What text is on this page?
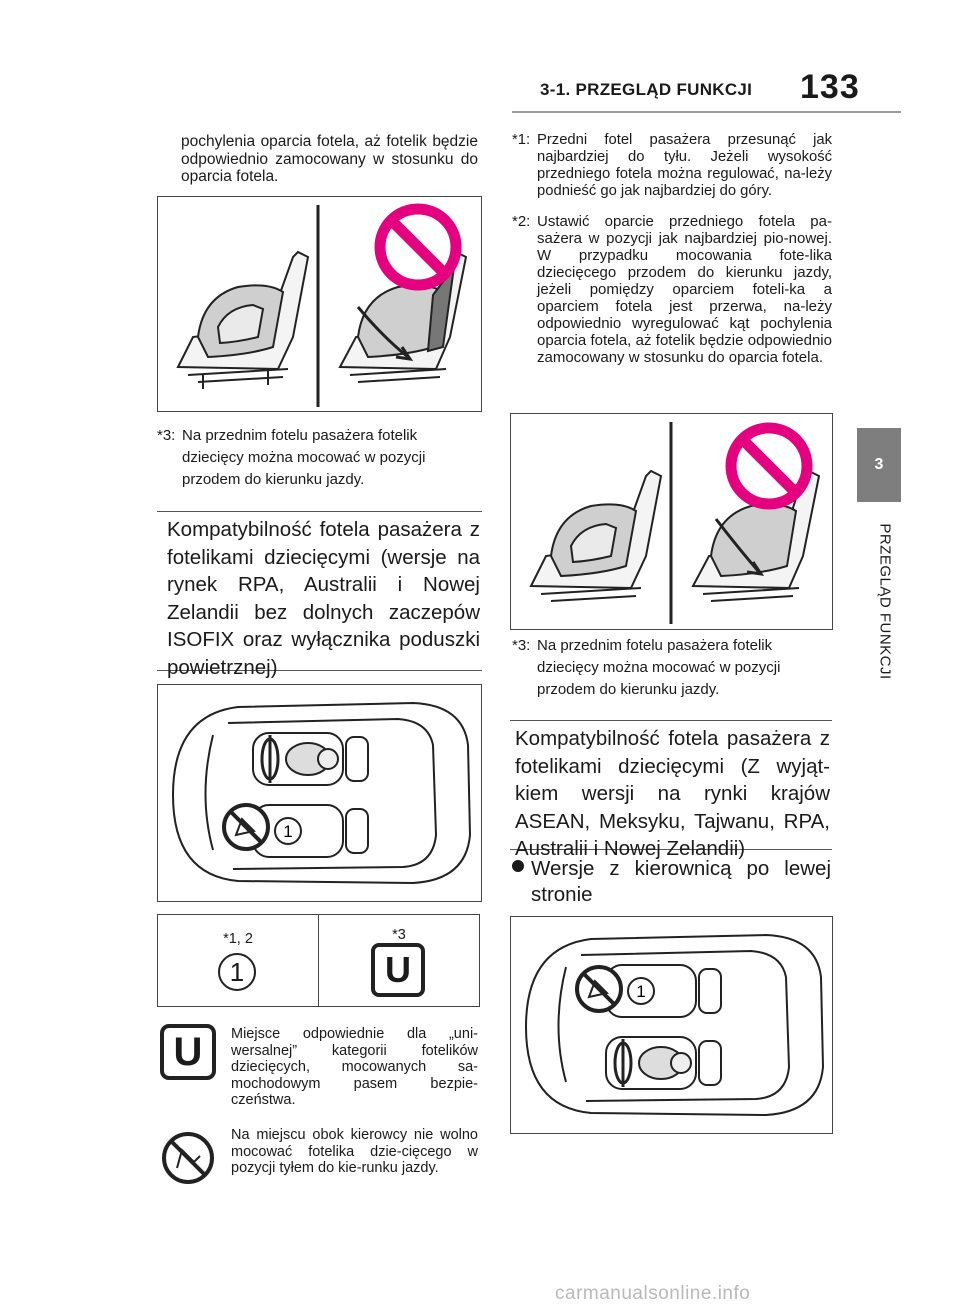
3-1. PRZEGLĄD FUNKCJI 133
3
PRZEGLĄD FUNKCJI
pochylenia oparcia fotela, aż fotelik będzie odpowiednio zamocowany w stosunku do oparcia fotela.
*3: Na przednim fotelu pasażera fotelik dziecięcy można mocować w pozycji przodem do kierunku jazdy.
Kompatybilność fotela pasażera z fotelikami dziecięcymi (wersje na rynek RPA, Australii i Nowej Zelandii bez dolnych zaczepów ISOFIX oraz wyłącznika poduszki powietrznej)
1
*1, 2
1
*3
U
U	Miejsce odpowiednie dla „uni-wersalnej” kategorii fotelików dziecięcych, mocowanych sa-mochodowym pasem bezpie-czeństwa.
Na miejscu obok kierowcy nie wolno mocować fotelika dzie-cięcego w pozycji tyłem do kie-runku jazdy.
*1: Przedni fotel pasażera przesunąć jak najbardziej do tyłu. Jeżeli wysokość przedniego fotela można regulować, na-leży podnieść go jak najbardziej do góry.
*2: Ustawić oparcie przedniego fotela pa-sażera w pozycji jak najbardziej pio-nowej. W przypadku mocowania fote-lika dziecięcego przodem do kierunku jazdy, jeżeli pomiędzy oparciem foteli-ka a oparciem fotela jest przerwa, na-leży odpowiednio wyregulować kąt pochylenia oparcia fotela, aż fotelik będzie odpowiednio zamocowany w stosunku do oparcia fotela.
*3: Na przednim fotelu pasażera fotelik dziecięcy można mocować w pozycji przodem do kierunku jazdy.
Kompatybilność fotela pasażera z fotelikami dziecięcymi (Z wyjąt-kiem wersji na rynki krajów ASEAN, Meksyku, Tajwanu, RPA, Australii i Nowej Zelandii)
Wersje z kierownicą po lewej stronie
1
carmanualsonline.info
